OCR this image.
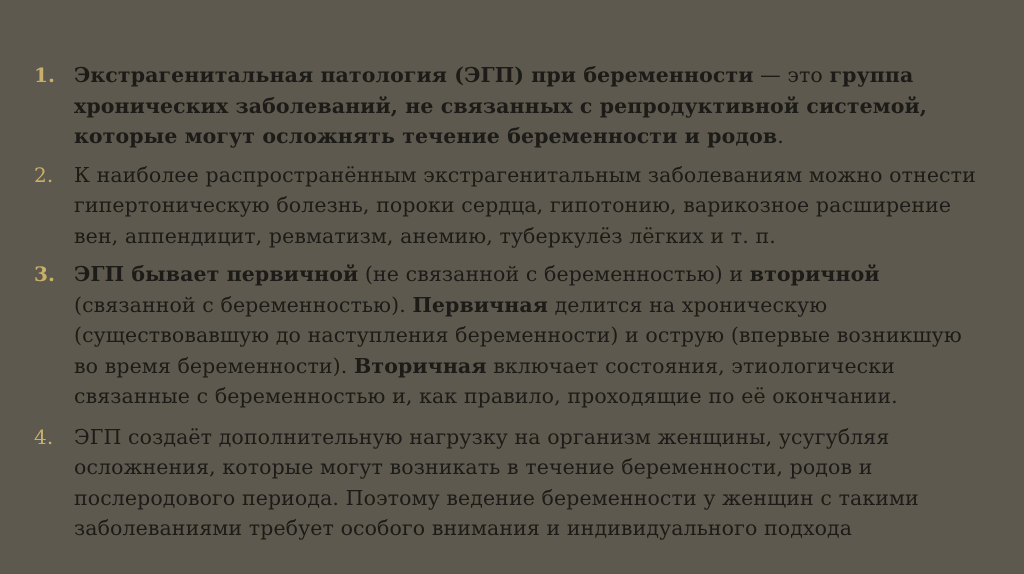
1. Экстрагенитальная патология (ЭГП) при беременности — это группа хронических заболеваний, не связанных с репродуктивной системой, которые могут осложнять течение беременности и родов.
2. К наиболее распространённым экстрагенитальным заболеваниям можно отнести гипертоническую болезнь, пороки сердца, гипотонию, варикозное расширение вен, аппендицит, ревматизм, анемию, туберкулёз лёгких и т. п.
3. ЭГП бывает первичной (не связанной с беременностью) и вторичной (связанной с беременностью). Первичная делится на хроническую (существовавшую до наступления беременности) и острую (впервые возникшую во время беременности). Вторичная включает состояния, этиологически связанные с беременностью и, как правило, проходящие по её окончании.
4. ЭГП создаёт дополнительную нагрузку на организм женщины, усугубляя осложнения, которые могут возникать в течение беременности, родов и послеродового периода. Поэтому ведение беременности у женщин с такими заболеваниями требует особого внимания и индивидуального подхода
